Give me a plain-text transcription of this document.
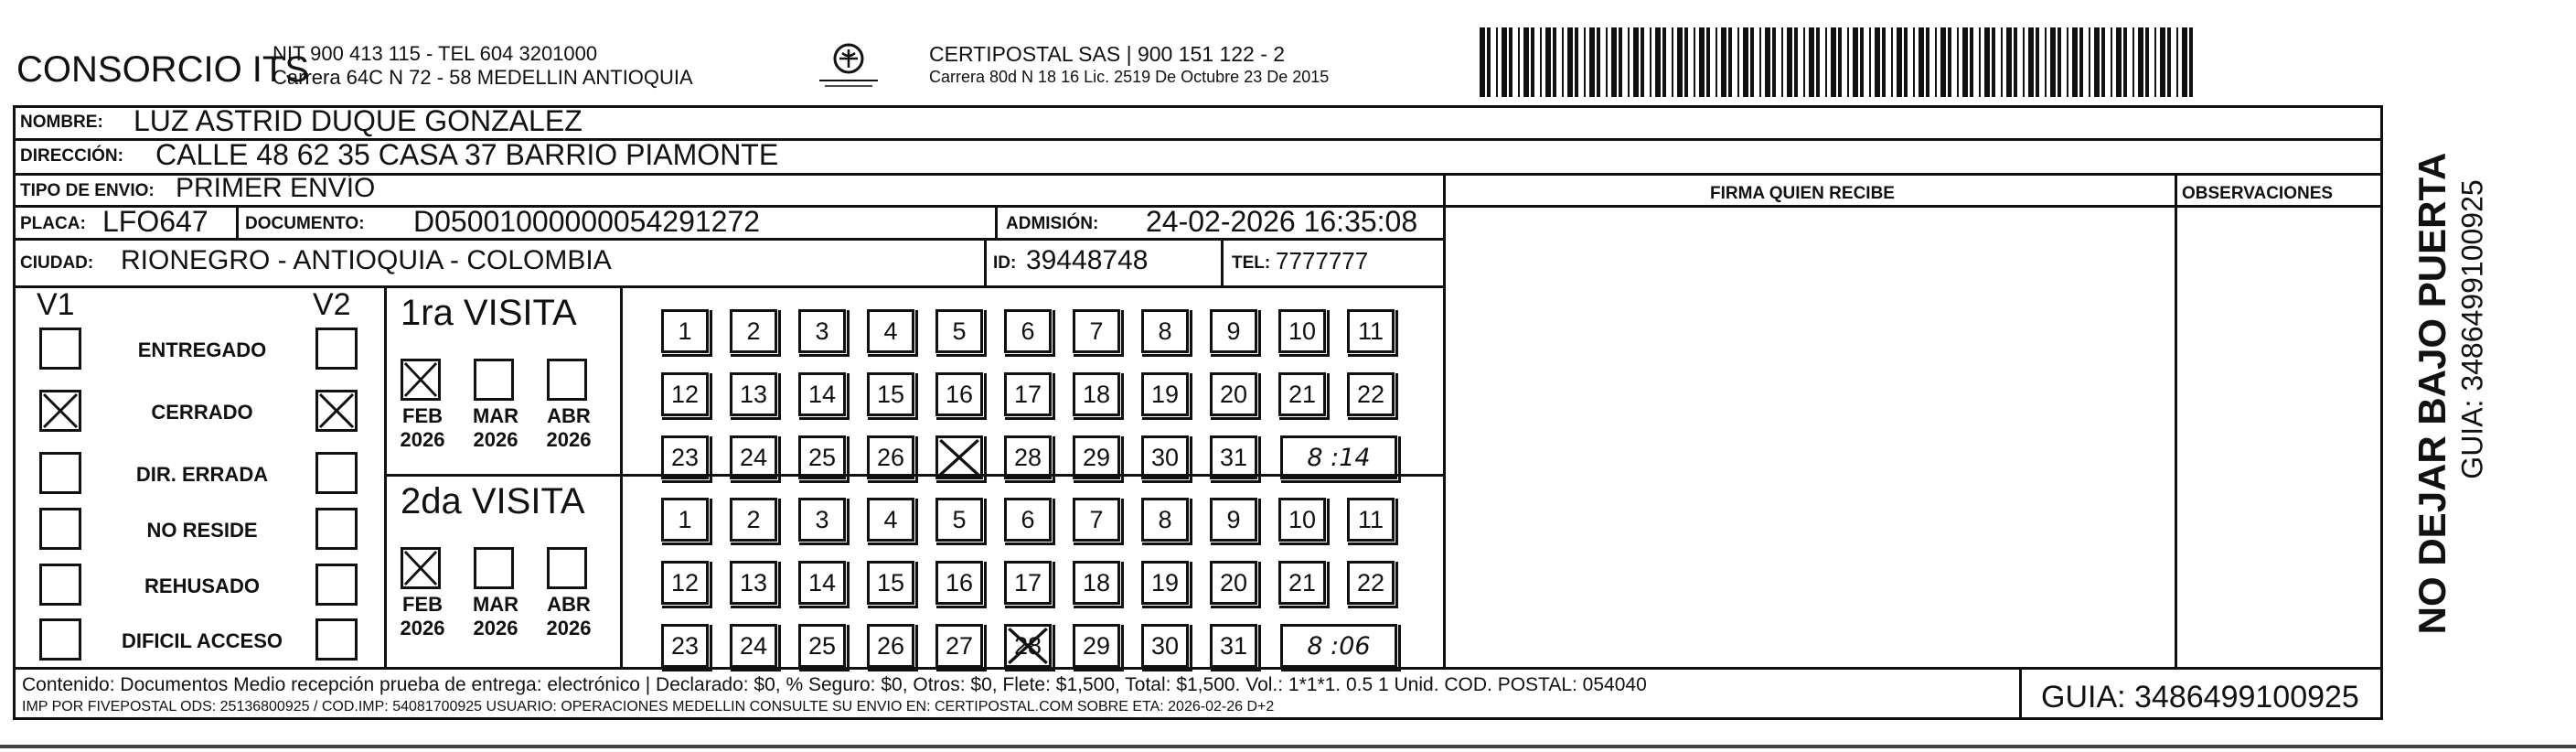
CONSORCIO ITS
NIT 900 413 115 - TEL 604 3201000
Carrera 64C N 72 - 58 MEDELLIN ANTIOQUIA
CERTIPOSTAL SAS | 900 151 122 - 2
Carrera 80d N 18 16 Lic. 2519 De Octubre 23 De 2015
NOMBRE: LUZ ASTRID DUQUE GONZALEZ
DIRECCIÓN: CALLE 48 62 35 CASA 37 BARRIO PIAMONTE
TIPO DE ENVIO: PRIMER ENVÍO	FIRMA QUIEN RECIBE	OBSERVACIONES
PLACA: LFO647 DOCUMENTO: D05001000000054291272	ADMISIÓN: 24-02-2026 16:35:08
CIUDAD: RIONEGRO - ANTIOQUIA - COLOMBIA	ID: 39448748	TEL: 7777777
V1	V2
ENTREGADO
CERRADO
DIR. ERRADA
NO RESIDE
REHUSADO
DIFICIL ACCESO
1ra VISITA
FEB
2026
MAR
2026
ABR
2026
1 2 3 4 5 6 7 8 9 10 11
12 13 14 15 16 17 18 19 20 21 22
23 24 25 26	28 29 30 31 8 :14
2da VISITA
FEB
2026
MAR
2026
ABR
2026
1 2 3 4 5 6 7 8 9 10 11
12 13 14 15 16 17 18 19 20 21 22
23 24 25 26 27 28 29 30 31 8 :06
Contenido: Documentos Medio recepción prueba de entrega: electrónico | Declarado: $0, % Seguro: $0, Otros: $0, Flete: $1,500, Total: $1,500. Vol.: 1*1*1. 0.5 1 Unid. COD. POSTAL: 054040
IMP POR FIVEPOSTAL ODS: 25136800925 / COD.IMP: 54081700925 USUARIO: OPERACIONES MEDELLIN CONSULTE SU ENVIO EN: CERTIPOSTAL.COM SOBRE ETA: 2026-02-26 D+2	GUIA: 3486499100925
NO DEJAR BAJO PUERTA GUIA: 3486499100925
